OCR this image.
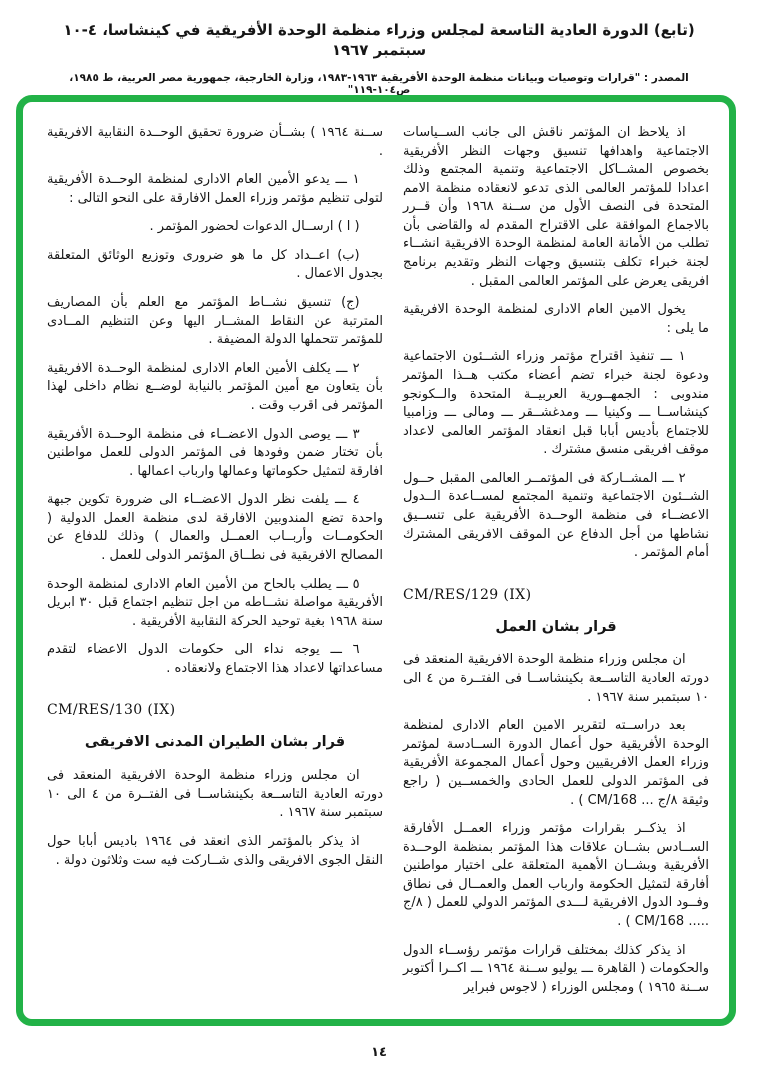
(تابع) الدورة العادية التاسعة لمجلس وزراء منظمة الوحدة الأفريقية في كينشاسا، ٤-١٠ سبتمبر ١٩٦٧
المصدر : "قرارات وتوصيات وبيانات منظمة الوحدة الأفريقية ١٩٦٣-١٩٨٣، وزارة الخارجية، جمهورية مصر العربية، ط ١٩٨٥، ص١٠٤-١١٩"

اذ يلاحظ ان المؤتمر ناقش الى جانب الســياسات الاجتماعية واهدافها تنسيق وجهات النظر الأفريقية بخصوص المشــاكل الاجتماعية وتنمية المجتمع وذلك اعدادا للمؤتمر العالمى الذى تدعو لانعقاده منظمة الامم المتحدة فى النصف الأول من ســنة ١٩٦٨ وأن قــرر بالاجماع الموافقة على الاقتراح المقدم له والقاضى بأن تطلب من الأمانة العامة لمنظمة الوحدة الافريقية انشــاء لجنة خبراء تكلف بتنسيق وجهات النظر وتقديم برنامج افريقى يعرض على المؤتمر العالمى المقبل .

يخول الامين العام الادارى لمنظمة الوحدة الافريقية ما يلى :

١ ـــ تنفيذ اقتراح مؤتمر وزراء الشــئون الاجتماعية ودعوة لجنة خبراء تضم أعضاء مكتب هــذا المؤتمر مندوبى : الجمهــورية العربيــة المتحدة والــكونجو كينشاســا ـــ وكينيا ـــ ومدغشــقر ـــ ومالى ـــ وزامبيا للاجتماع بأديس أبابا قبل انعقاد المؤتمر العالمى لاعداد موقف افريقى منسق مشترك .

٢ ـــ المشــاركة فى المؤتمــر العالمى المقبل حــول الشــئون الاجتماعية وتنمية المجتمع لمســاعدة الــدول الاعضــاء فى منظمة الوحــدة الأفريقية على تنســيق نشاطها من أجل الدفاع عن الموقف الافريقى المشترك أمام المؤتمر .

CM/RES/129 (IX)
قرار بشان العمل

ان مجلس وزراء منظمة الوحدة الافريقية المنعقد فى دورته العادية التاســعة بكينشاســا فى الفتــرة من ٤ الى ١٠ سبتمبر سنة ١٩٦٧ .

بعد دراســته لتقرير الامين العام الادارى لمنظمة الوحدة الأفريقية حول أعمال الدورة الســادسة لمؤتمر وزراء العمل الافريقيين وحول أعمال المجموعة الأفريقية فى المؤتمر الدولى للعمل الحادى والخمســين ( راجع وثيقة ٨/ج ... CM/168 ) .

اذ يذكــر بقرارات مؤتمر وزراء العمــل الأفارقة الســادس بشــان علاقات هذا المؤتمر بمنظمة الوحــدة الأفريقية وبشــان الأهمية المتعلقة على اختيار مواطنين أفارقة لتمثيل الحكومة وارباب العمل والعمــال فى نطاق وفــود الدول الافريقية لـــدى المؤتمر الدولي للعمل ( ٨/ج ..... CM/168 ) .

اذ يذكر كذلك بمختلف قرارات مؤتمر رؤســاء الدول والحكومات ( القاهرة ـــ يوليو ســنة ١٩٦٤ ـــ اكــرا أكتوبر ســنة ١٩٦٥ ) ومجلس الوزراء ( لاجوس فبراير

ســنة ١٩٦٤ ) بشــأن ضرورة تحقيق الوحــدة النقابية الافريقية .

١ ـــ يدعو الأمين العام الادارى لمنظمة الوحــدة الأفريقية لتولى تنظيم مؤتمر وزراء العمل الافارقة على النحو التالى :

( ا ) ارســال الدعوات لحضور المؤتمر .

(ب) اعــداد كل ما هو ضرورى وتوزيع الوثائق المتعلقة بجدول الاعمال .

(ج) تنسيق نشــاط المؤتمر مع العلم بأن المصاريف المترتبة عن النقاط المشــار اليها وعن التنظيم المــادى للمؤتمر تتحملها الدولة المضيفة .

٢ ـــ يكلف الأمين العام الادارى لمنظمة الوحــدة الافريقية بأن يتعاون مع أمين المؤتمر بالنيابة لوضــع نظام داخلى لهذا المؤتمر فى اقرب وقت .

٣ ـــ يوصى الدول الاعضــاء فى منظمة الوحــدة الأفريقية بأن تختار ضمن وفودها فى المؤتمر الدولى للعمل مواطنين افارقة لتمثيل حكوماتها وعمالها وارباب اعمالها .

٤ ـــ يلفت نظر الدول الاعضــاء الى ضرورة تكوين جبهة واحدة تضع المندوبين الافارقة لدى منظمة العمل الدولية ( الحكومــات وأربــاب العمــل والعمال ) وذلك للدفاع عن المصالح الافريقية فى نطــاق المؤتمر الدولى للعمل .

٥ ـــ يطلب بالحاح من الأمين العام الادارى لمنظمة الوحدة الأفريقية مواصلة نشــاطه من اجل تنظيم اجتماع قبل ٣٠ ابريل سنة ١٩٦٨ بغية توحيد الحركة النقابية الأفريقية .

٦ ـــ يوجه نداء الى حكومات الدول الاعضاء لتقدم مساعداتها لاعداد هذا الاجتماع ولانعقاده .

CM/RES/130 (IX)
قرار بشان الطيران المدنى الافريقى

ان مجلس وزراء منظمة الوحدة الافريقية المنعقد فى دورته العادية التاســعة بكينشاســا فى الفتــرة من ٤ الى ١٠ سبتمبر سنة ١٩٦٧ .

اذ يذكر بالمؤتمر الذى انعقد فى ١٩٦٤ باديس أبابا حول النقل الجوى الافريقى والذى شــاركت فيه ست وثلاثون دولة .

١٤
